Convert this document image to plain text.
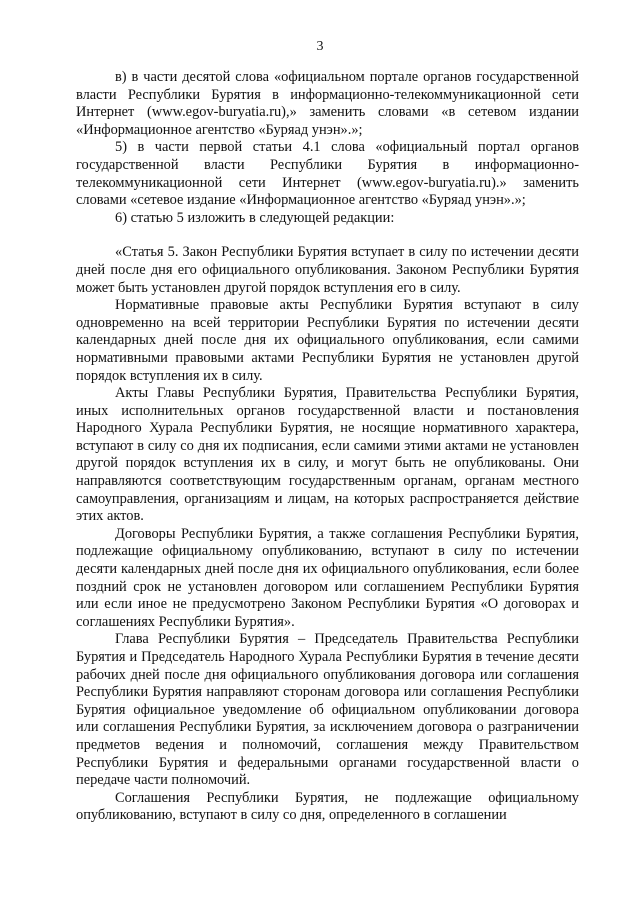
3

в) в части десятой слова «официальном портале органов государственной власти Республики Бурятия в информационно-телекоммуникационной сети Интернет (www.egov-buryatia.ru),» заменить словами «в сетевом издании «Информационное агентство «Буряад унэн».»;

5) в части первой статьи 4.1 слова «официальный портал органов государственной власти Республики Бурятия в информационно-телекоммуникационной сети Интернет (www.egov-buryatia.ru).» заменить словами «сетевое издание «Информационное агентство «Буряад унэн».»;

6) статью 5 изложить в следующей редакции:

«Статья 5. Закон Республики Бурятия вступает в силу по истечении десяти дней после дня его официального опубликования. Законом Республики Бурятия может быть установлен другой порядок вступления его в силу.

Нормативные правовые акты Республики Бурятия вступают в силу одновременно на всей территории Республики Бурятия по истечении десяти календарных дней после дня их официального опубликования, если самими нормативными правовыми актами Республики Бурятия не установлен другой порядок вступления их в силу.

Акты Главы Республики Бурятия, Правительства Республики Бурятия, иных исполнительных органов государственной власти и постановления Народного Хурала Республики Бурятия, не носящие нормативного характера, вступают в силу со дня их подписания, если самими этими актами не установлен другой порядок вступления их в силу, и могут быть не опубликованы. Они направляются соответствующим государственным органам, органам местного самоуправления, организациям и лицам, на которых распространяется действие этих актов.

Договоры Республики Бурятия, а также соглашения Республики Бурятия, подлежащие официальному опубликованию, вступают в силу по истечении десяти календарных дней после дня их официального опубликования, если более поздний срок не установлен договором или соглашением Республики Бурятия или если иное не предусмотрено Законом Республики Бурятия «О договорах и соглашениях Республики Бурятия».

Глава Республики Бурятия – Председатель Правительства Республики Бурятия и Председатель Народного Хурала Республики Бурятия в течение десяти рабочих дней после дня официального опубликования договора или соглашения Республики Бурятия направляют сторонам договора или соглашения Республики Бурятия официальное уведомление об официальном опубликовании договора или соглашения Республики Бурятия, за исключением договора о разграничении предметов ведения и полномочий, соглашения между Правительством Республики Бурятия и федеральными органами государственной власти о передаче части полномочий.

Соглашения Республики Бурятия, не подлежащие официальному опубликованию, вступают в силу со дня, определенного в соглашении
